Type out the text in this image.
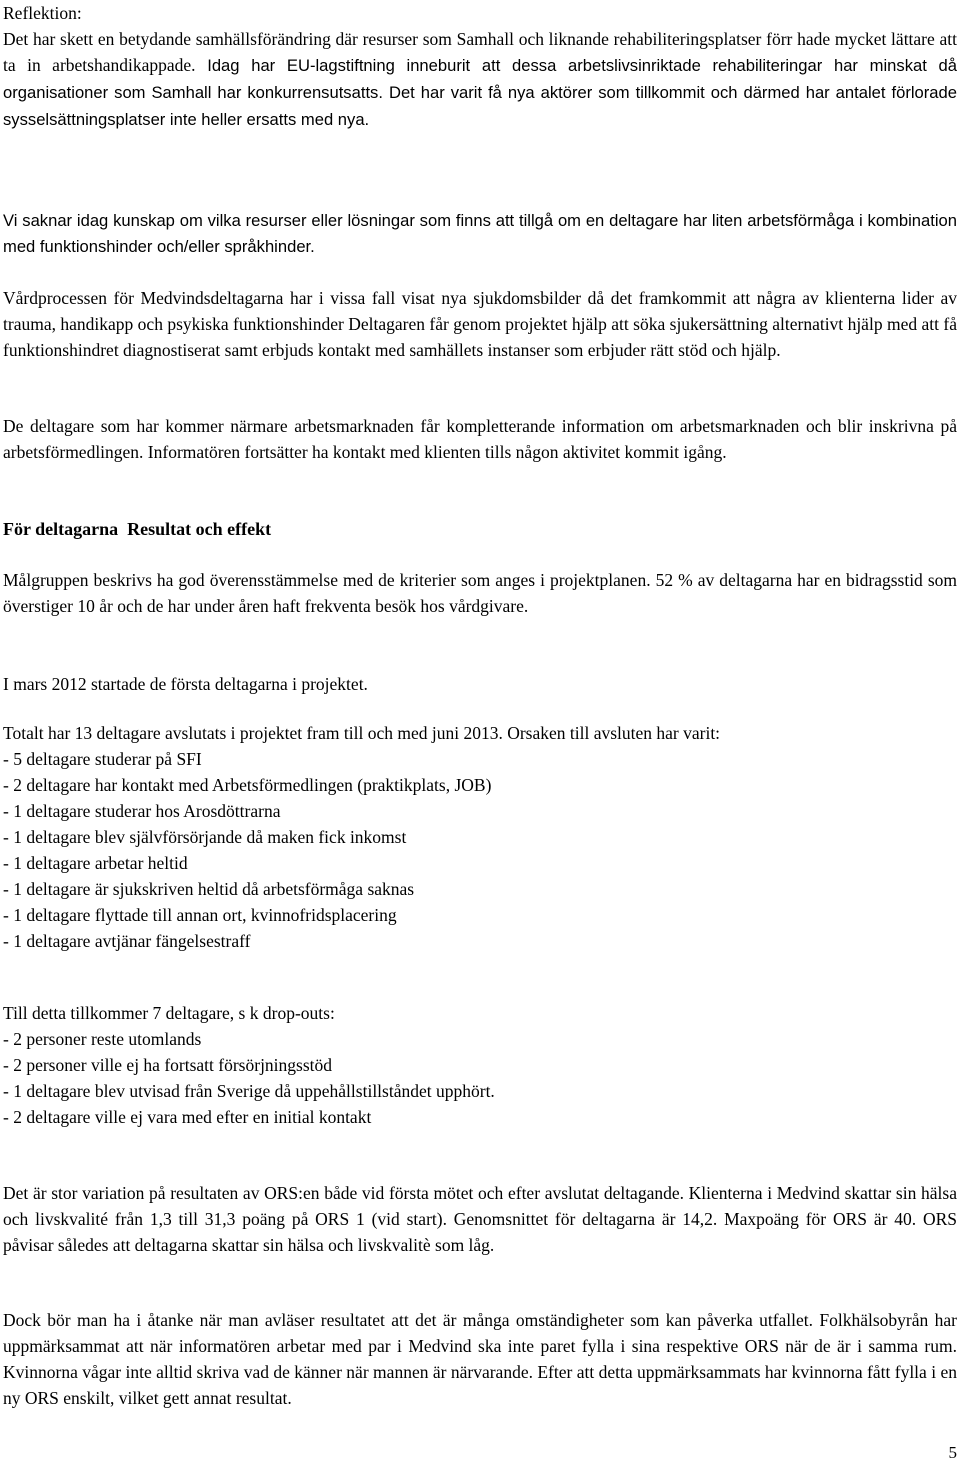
Reflektion:

Det har skett en betydande samhällsförändring där resurser som Samhall och liknande rehabiliteringsplatser förr hade mycket lättare att ta in arbetshandikappade. Idag har EU-lagstiftning inneburit att dessa arbetslivsinriktade rehabiliteringar har minskat då organisationer som Samhall har konkurrensutsatts. Det har varit få nya aktörer som tillkommit och därmed har antalet förlorade sysselsättningsplatser inte heller ersatts med nya.

Vi saknar idag kunskap om vilka resurser eller lösningar som finns att tillgå om en deltagare har liten arbetsförmåga i kombination med funktionshinder och/eller språkhinder.

Vårdprocessen för Medvindsdeltagarna har i vissa fall visat nya sjukdomsbilder då det framkommit att några av klienterna lider av trauma, handikapp och psykiska funktionshinder Deltagaren får genom projektet hjälp att söka sjukersättning alternativt hjälp med att få funktionshindret diagnostiserat samt erbjuds kontakt med samhällets instanser som erbjuder rätt stöd och hjälp.

De deltagare som har kommer närmare arbetsmarknaden får kompletterande information om arbetsmarknaden och blir inskrivna på arbetsförmedlingen. Informatören fortsätter ha kontakt med klienten tills någon aktivitet kommit igång.

För deltagarna  Resultat och effekt

Målgruppen beskrivs ha god överensstämmelse med de kriterier som anges i projektplanen. 52 % av deltagarna har en bidragsstid som överstiger 10 år och de har under åren haft frekventa besök hos vårdgivare.

I mars 2012 startade de första deltagarna i projektet.

Totalt har 13 deltagare avslutats i projektet fram till och med juni 2013. Orsaken till avsluten har varit:

- 5 deltagare studerar på SFI
- 2 deltagare har kontakt med Arbetsförmedlingen (praktikplats, JOB)
- 1 deltagare studerar hos Arosdöttrarna
- 1 deltagare blev självförsörjande då maken fick inkomst
- 1 deltagare arbetar heltid
- 1 deltagare är sjukskriven heltid då arbetsförmåga saknas
- 1 deltagare flyttade till annan ort, kvinnofridsplacering
- 1 deltagare avtjänar fängelsestraff

Till detta tillkommer 7 deltagare, s k drop-outs:

- 2 personer reste utomlands
- 2 personer ville ej ha fortsatt försörjningsstöd
- 1 deltagare blev utvisad från Sverige då uppehållstillståndet upphört.
- 2 deltagare ville ej vara med efter en initial kontakt

Det är stor variation på resultaten av ORS:en både vid första mötet och efter avslutat deltagande. Klienterna i Medvind skattar sin hälsa och livskvalité från 1,3 till 31,3 poäng på ORS 1 (vid start). Genomsnittet för deltagarna är 14,2. Maxpoäng för ORS är 40. ORS påvisar således att deltagarna skattar sin hälsa och livskvalitè som låg.

Dock bör man ha i åtanke när man avläser resultatet att det är många omständigheter som kan påverka utfallet. Folkhälsobyrån har uppmärksammat att när informatören arbetar med par i Medvind ska inte paret fylla i sina respektive ORS när de är i samma rum. Kvinnorna vågar inte alltid skriva vad de känner när mannen är närvarande. Efter att detta uppmärksammats har kvinnorna fått fylla i en ny ORS enskilt, vilket gett annat resultat.

5
